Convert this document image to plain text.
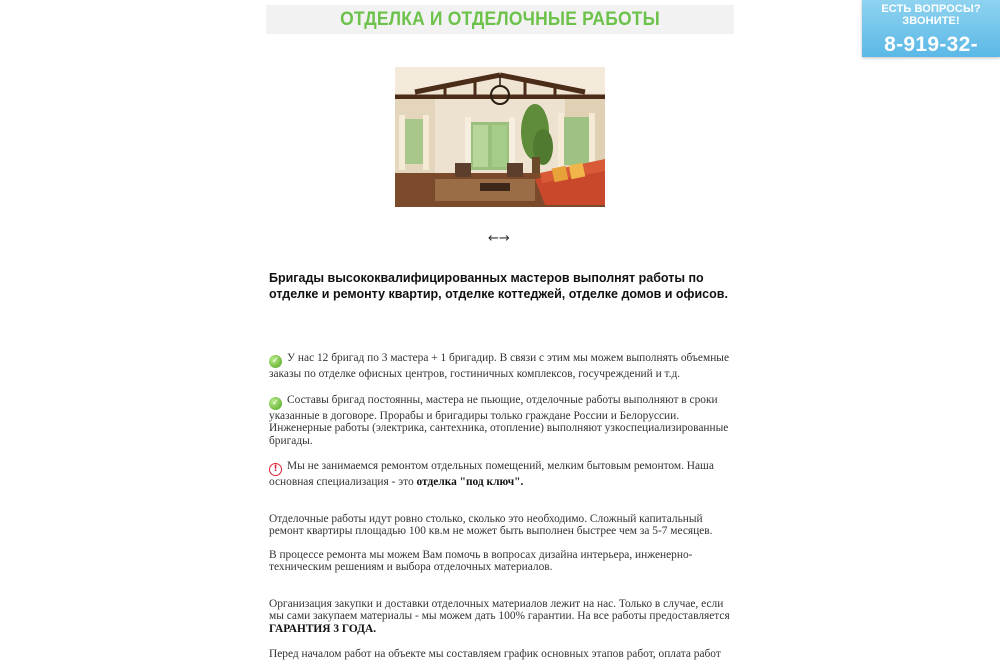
ОТДЕЛКА И ОТДЕЛОЧНЫЕ РАБОТЫ	ЕСТЬ ВОПРОСЫ? ЗВОНИТЕ!
8-919-32-43210
←→

Бригады высококвалифицированных мастеров выполнят работы по отделке и ремонту квартир, отделке коттеджей, отделке домов и офисов.

✓ У нас 12 бригад по 3 мастера + 1 бригадир. В связи с этим мы можем выполнять объемные заказы по отделке офисных центров, гостиничных комплексов, госучреждений и т.д.

✓ Составы бригад постоянны, мастера не пьющие, отделочные работы выполняют в сроки указанные в договоре. Прорабы и бригадиры только граждане России и Белоруссии. Инженерные работы (электрика, сантехника, отопление) выполняют узкоспециализированные бригады.

! Мы не занимаемся ремонтом отдельных помещений, мелким бытовым ремонтом. Наша основная специализация - это отделка "под ключ".

Отделочные работы идут ровно столько, сколько это необходимо. Сложный капитальный ремонт квартиры площадью 100 кв.м не может быть выполнен быстрее чем за 5-7 месяцев.

В процессе ремонта мы можем Вам помочь в вопросах дизайна интерьера, инженерно-техническим решениям и выбора отделочных материалов.

Организация закупки и доставки отделочных материалов лежит на нас. Только в случае, если мы сами закупаем материалы - мы можем дать 100% гарантии. На все работы предоставляется ГАРАНТИЯ 3 ГОДА.

Перед началом работ на объекте мы составляем график основных этапов работ, оплата работ
